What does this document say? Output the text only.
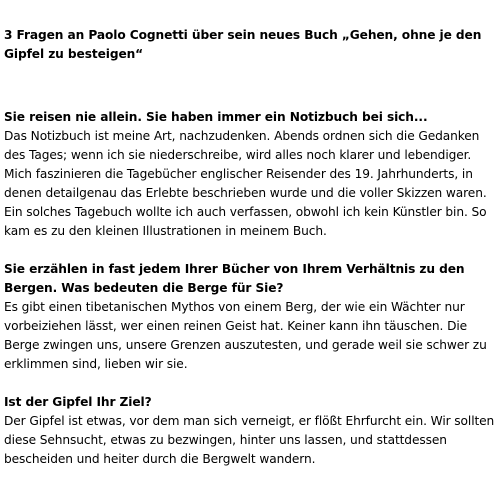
3 Fragen an Paolo Cognetti über sein neues Buch „Gehen, ohne je den Gipfel zu besteigen“

Sie reisen nie allein. Sie haben immer ein Notizbuch bei sich...

Das Notizbuch ist meine Art, nachzudenken. Abends ordnen sich die Gedanken des Tages; wenn ich sie niederschreibe, wird alles noch klarer und lebendiger. Mich faszinieren die Tagebücher englischer Reisender des 19. Jahrhunderts, in denen detailgenau das Erlebte beschrieben wurde und die voller Skizzen waren. Ein solches Tagebuch wollte ich auch verfassen, obwohl ich kein Künstler bin. So kam es zu den kleinen Illustrationen in meinem Buch.

Sie erzählen in fast jedem Ihrer Bücher von Ihrem Verhältnis zu den Bergen. Was bedeuten die Berge für Sie?

Es gibt einen tibetanischen Mythos von einem Berg, der wie ein Wächter nur vorbeiziehen lässt, wer einen reinen Geist hat. Keiner kann ihn täuschen. Die Berge zwingen uns, unsere Grenzen auszutesten, und gerade weil sie schwer zu erklimmen sind, lieben wir sie.

Ist der Gipfel Ihr Ziel?

Der Gipfel ist etwas, vor dem man sich verneigt, er flößt Ehrfurcht ein. Wir sollten diese Sehnsucht, etwas zu bezwingen, hinter uns lassen, und stattdessen bescheiden und heiter durch die Bergwelt wandern.
